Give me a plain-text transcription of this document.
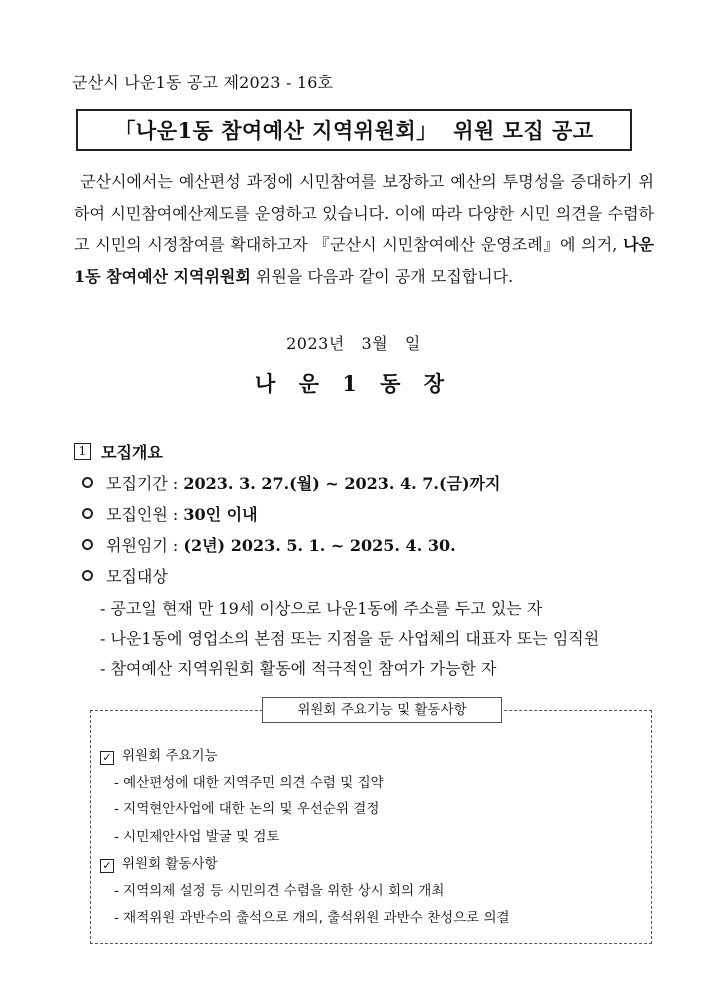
군산시 나운1동 공고 제2023 - 16호
「나운1동 참여예산 지역위원회」  위원 모집 공고
군산시에서는 예산편성 과정에 시민참여를 보장하고 예산의 투명성을 증대하기 위하여 시민참여예산제도를 운영하고 있습니다. 이에 따라 다양한 시민 의견을 수렴하고 시민의 시정참여를 확대하고자 『군산시 시민참여예산 운영조례』에 의거, 나운1동 참여예산 지역위원회 위원을 다음과 같이 공개 모집합니다.
2023년   3월   일
나 운 1 동 장
1 모집개요
모집기간 : 2023. 3. 27.(월) ~ 2023. 4. 7.(금)까지
모집인원 : 30인 이내
위원임기 : (2년) 2023. 5. 1. ~ 2025. 4. 30.
모집대상
- 공고일 현재 만 19세 이상으로 나운1동에 주소를 두고 있는 자
- 나운1동에 영업소의 본점 또는 지점을 둔 사업체의 대표자 또는 임직원
- 참여예산 지역위원회 활동에 적극적인 참여가 가능한 자
위원회 주요기능 및 활동사항
✓ 위원회 주요기능
- 예산편성에 대한 지역주민 의견 수렴 및 집약
- 지역현안사업에 대한 논의 및 우선순위 결정
- 시민제안사업 발굴 및 검토
✓ 위원회 활동사항
- 지역의제 설정 등 시민의견 수렴을 위한 상시 회의 개최
- 재적위원 과반수의 출석으로 개의, 출석위원 과반수 찬성으로 의결
